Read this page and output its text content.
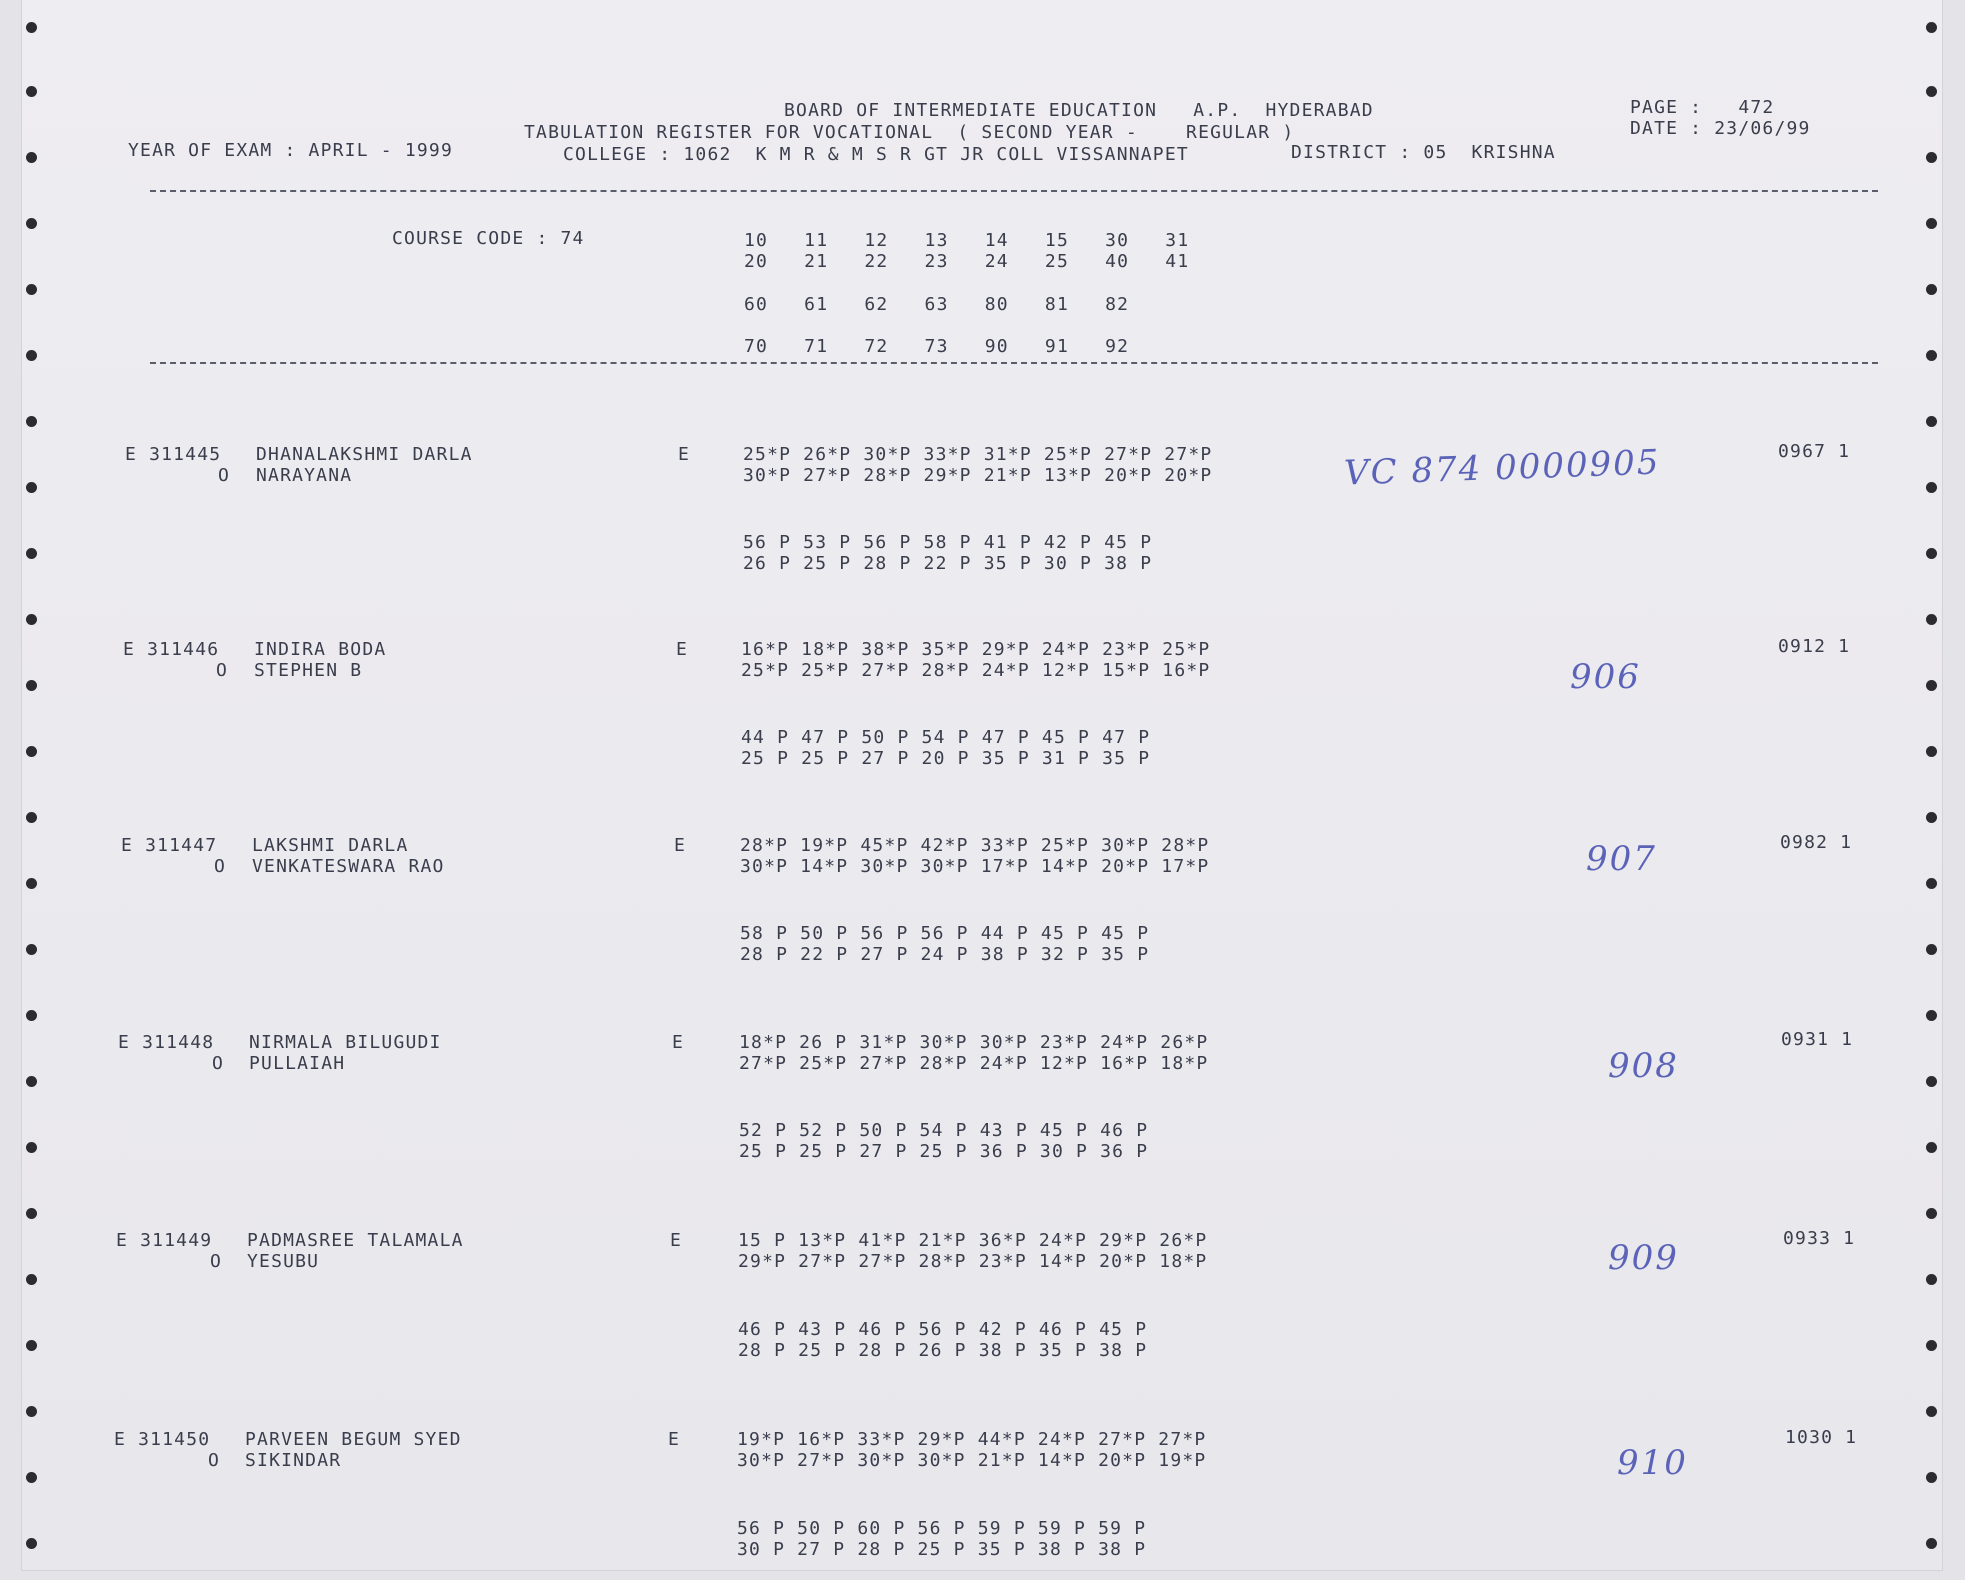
BOARD OF INTERMEDIATE EDUCATION   A.P.  HYDERABAD
TABULATION REGISTER FOR VOCATIONAL  ( SECOND YEAR -    REGULAR )
YEAR OF EXAM : APRIL - 1999	COLLEGE : 1062  K M R & M S R GT JR COLL VISSANNAPET	DISTRICT : 05  KRISHNA
PAGE :   472
DATE : 23/06/99
COURSE CODE : 74	10   11   12   13   14   15   30   31
20   21   22   23   24   25   40   41
60   61   62   63   80   81   82
70   71   72   73   90   91   92
E 311445 DHANALAKSHMI DARLA
O NARAYANA
E	25*P 26*P 30*P 33*P 31*P 25*P 27*P 27*P
30*P 27*P 28*P 29*P 21*P 13*P 20*P 20*P
56 P 53 P 56 P 58 P 41 P 42 P 45 P
26 P 25 P 28 P 22 P 35 P 30 P 38 P
0967 1
VC 874 0000905
E 311446 INDIRA BODA
O STEPHEN B
E	16*P 18*P 38*P 35*P 29*P 24*P 23*P 25*P
25*P 25*P 27*P 28*P 24*P 12*P 15*P 16*P
44 P 47 P 50 P 54 P 47 P 45 P 47 P
25 P 25 P 27 P 20 P 35 P 31 P 35 P
0912 1
906
E 311447 LAKSHMI DARLA
O VENKATESWARA RAO
E	28*P 19*P 45*P 42*P 33*P 25*P 30*P 28*P
30*P 14*P 30*P 30*P 17*P 14*P 20*P 17*P
58 P 50 P 56 P 56 P 44 P 45 P 45 P
28 P 22 P 27 P 24 P 38 P 32 P 35 P
0982 1
907
E 311448 NIRMALA BILUGUDI
O PULLAIAH
E	18*P 26 P 31*P 30*P 30*P 23*P 24*P 26*P
27*P 25*P 27*P 28*P 24*P 12*P 16*P 18*P
52 P 52 P 50 P 54 P 43 P 45 P 46 P
25 P 25 P 27 P 25 P 36 P 30 P 36 P
0931 1
908
E 311449 PADMASREE TALAMALA
O YESUBU
E	15 P 13*P 41*P 21*P 36*P 24*P 29*P 26*P
29*P 27*P 27*P 28*P 23*P 14*P 20*P 18*P
46 P 43 P 46 P 56 P 42 P 46 P 45 P
28 P 25 P 28 P 26 P 38 P 35 P 38 P
0933 1
909
E 311450 PARVEEN BEGUM SYED
O SIKINDAR
E	19*P 16*P 33*P 29*P 44*P 24*P 27*P 27*P
30*P 27*P 30*P 30*P 21*P 14*P 20*P 19*P
56 P 50 P 60 P 56 P 59 P 59 P 59 P
30 P 27 P 28 P 25 P 35 P 38 P 38 P
1030 1
910
